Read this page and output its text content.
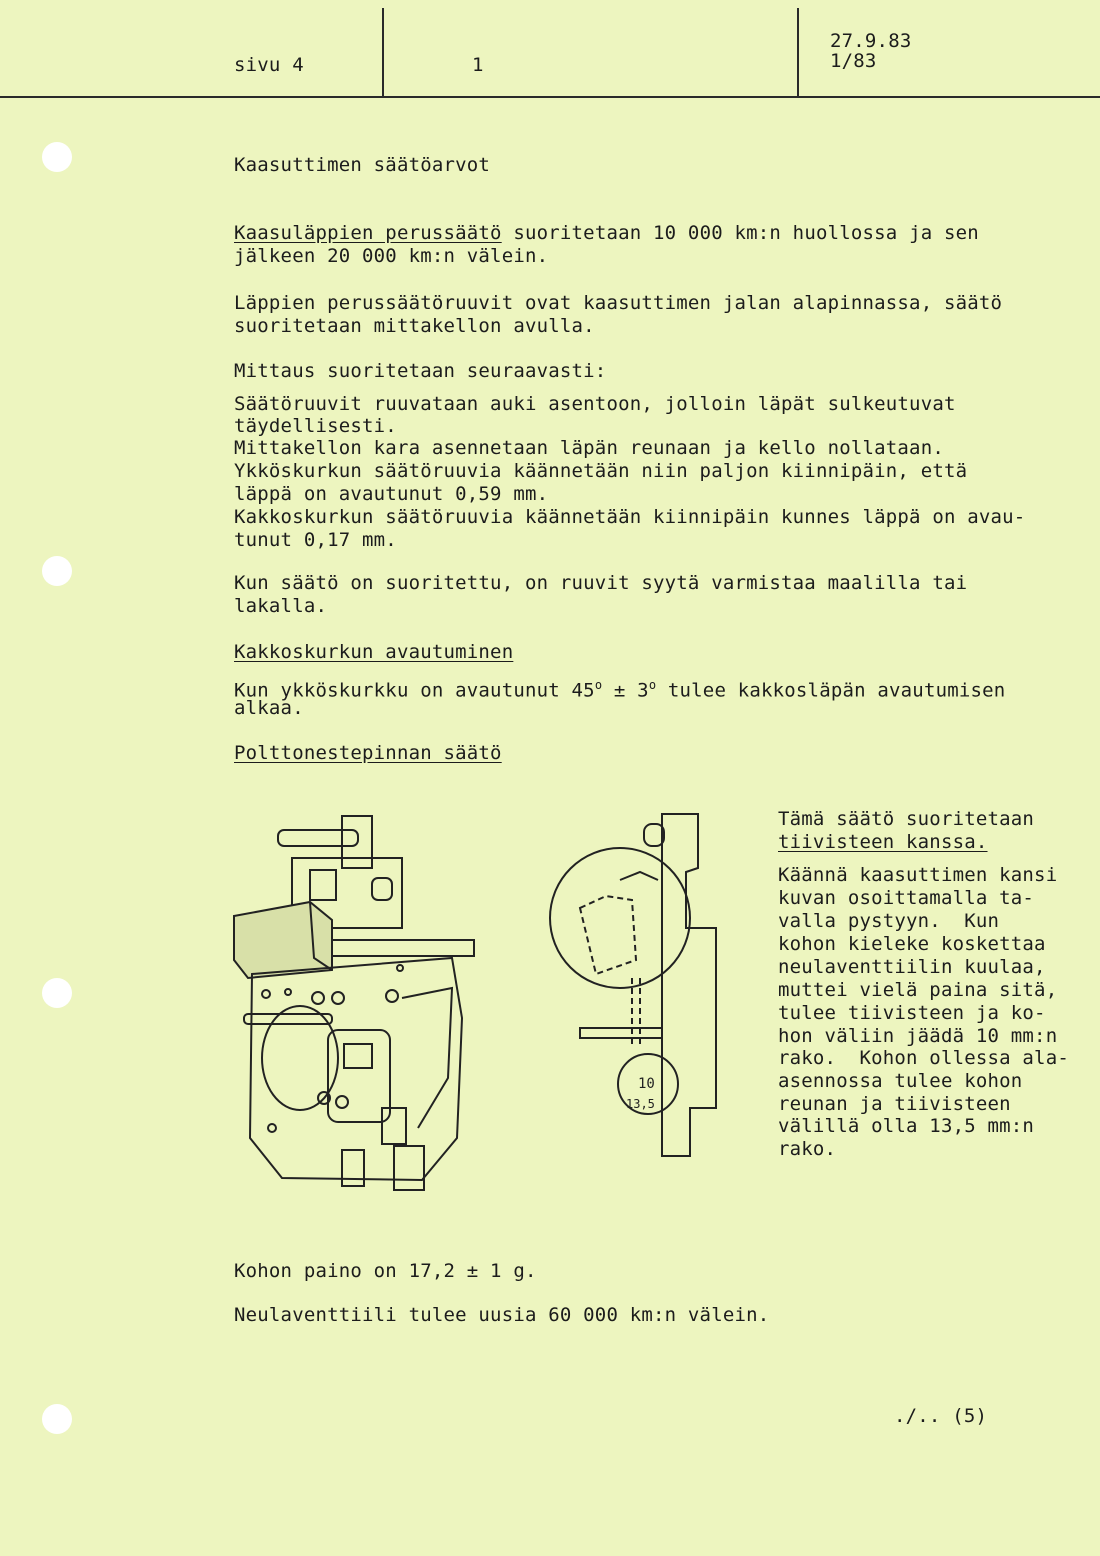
sivu 4	1
27.9.83
1/83
Kaasuttimen säätöarvot
Kaasuläppien perussäätö suoritetaan 10 000 km:n huollossa ja sen
jälkeen 20 000 km:n välein.
Läppien perussäätöruuvit ovat kaasuttimen jalan alapinnassa, säätö
suoritetaan mittakellon avulla.
Mittaus suoritetaan seuraavasti:
Säätöruuvit ruuvataan auki asentoon, jolloin läpät sulkeutuvat
täydellisesti.
Mittakellon kara asennetaan läpän reunaan ja kello nollataan.
Ykköskurkun säätöruuvia käännetään niin paljon kiinnipäin, että
läppä on avautunut 0,59 mm.
Kakkoskurkun säätöruuvia käännetään kiinnipäin kunnes läppä on avau-
tunut 0,17 mm.
Kun säätö on suoritettu, on ruuvit syytä varmistaa maalilla tai
lakalla.
Kakkoskurkun avautuminen
Kun ykköskurkku on avautunut $45^o \pm 3^o$ tulee kakkosläpän avautumisen
alkaa.
Polttonestepinnan säätö
Tämä säätö suoritetaan
tiivisteen kanssa.
Käännä kaasuttimen kansi
kuvan osoittamalla ta-
valla pystyyn.  Kun
kohon kieleke koskettaa
neulaventtiilin kuulaa,
muttei vielä paina sitä,
tulee tiivisteen ja ko-
hon väliin jäädä 10 mm:n
rako.  Kohon ollessa ala-
asennossa tulee kohon
reunan ja tiivisteen
välillä olla 13,5 mm:n
rako.
10
13,5
Kohon paino on 17,2 ± 1 g.
Neulaventtiili tulee uusia 60 000 km:n välein.
./.. (5)
